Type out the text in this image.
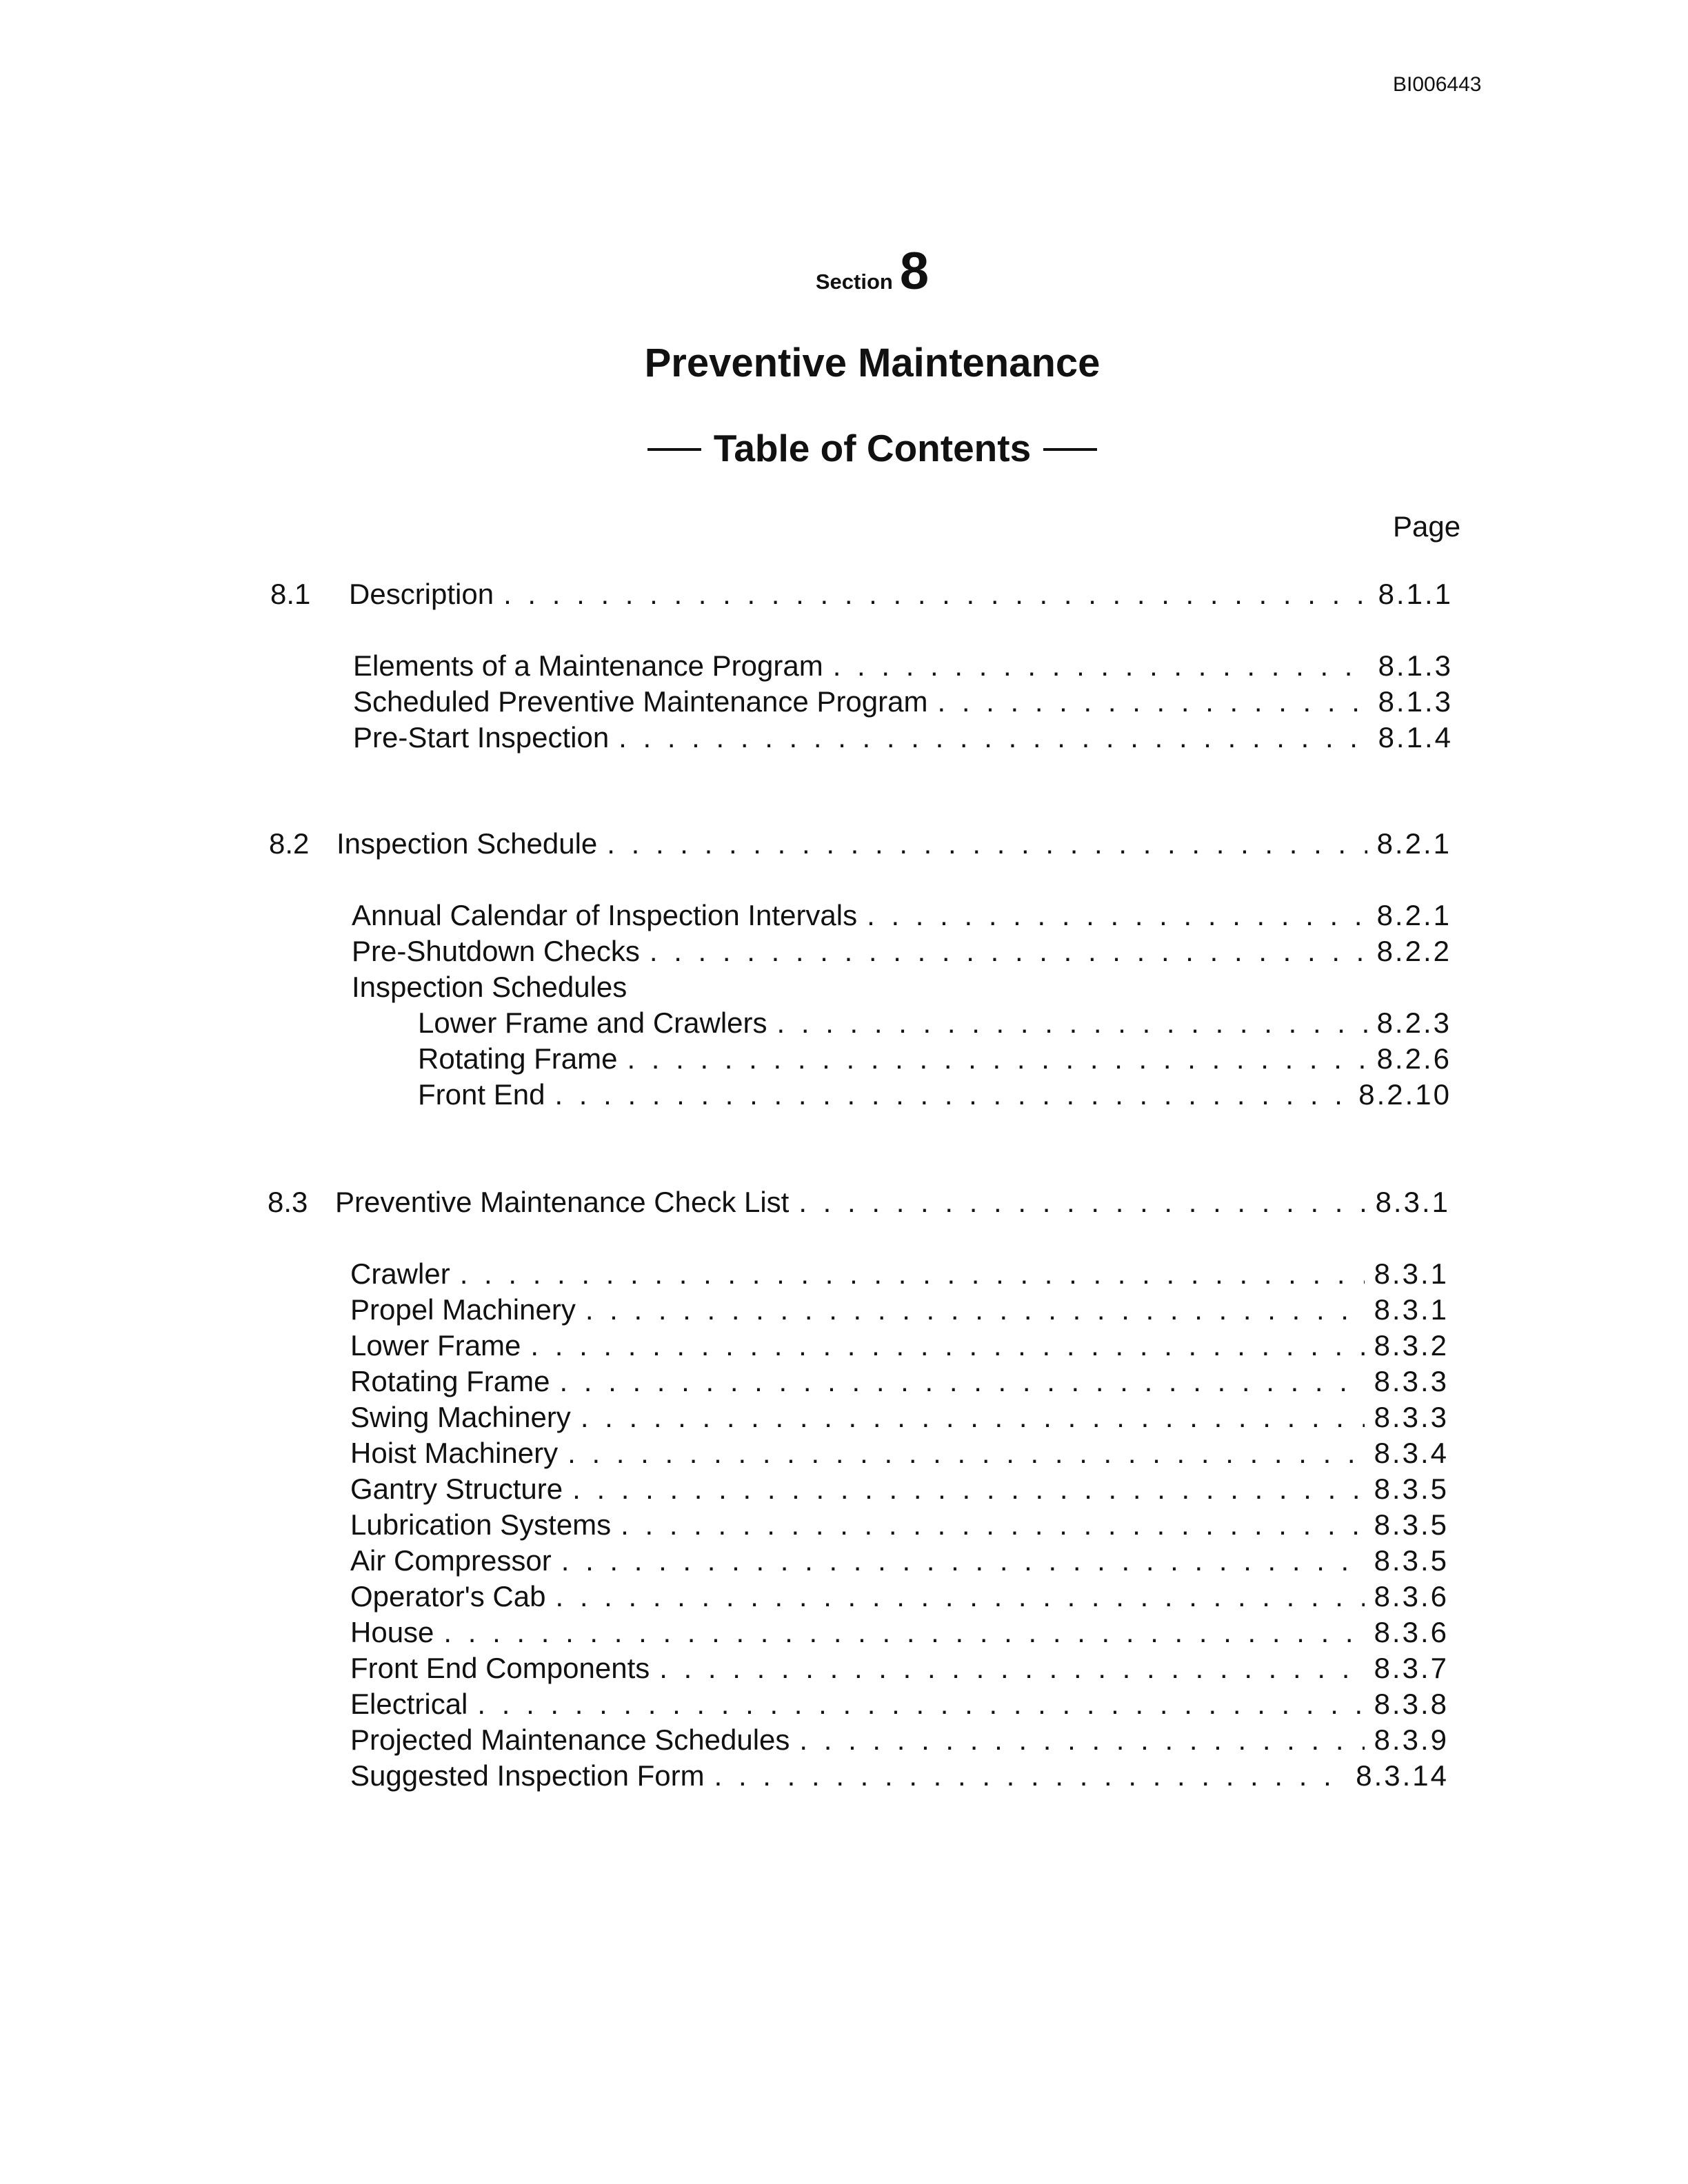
BI006443
Section 8
Preventive Maintenance
Table of Contents
Page
8.1	Description . . .	8.1.1
Elements of a Maintenance Program . . .	8.1.3
Scheduled Preventive Maintenance Program . . .	8.1.3
Pre-Start Inspection . . .	8.1.4
8.2 Inspection Schedule . . .	8.2.1
Annual Calendar of Inspection Intervals . . .	8.2.1
Pre-Shutdown Checks . . .	8.2.2
Inspection Schedules
Lower Frame and Crawlers . . .	8.2.3
Rotating Frame . . .	8.2.6
Front End . . .	8.2.10
8.3 Preventive Maintenance Check List . . .	8.3.1
Crawler . . .	8.3.1
Propel Machinery . . .	8.3.1
Lower Frame . . .	8.3.2
Rotating Frame . . .	8.3.3
Swing Machinery . . .	8.3.3
Hoist Machinery . . .	8.3.4
Gantry Structure . . .	8.3.5
Lubrication Systems . . .	8.3.5
Air Compressor . . .	8.3.5
Operator's Cab . . .	8.3.6
House . . .	8.3.6
Front End Components . . .	8.3.7
Electrical . . .	8.3.8
Projected Maintenance Schedules . . .	8.3.9
Suggested Inspection Form . . .	8.3.14
